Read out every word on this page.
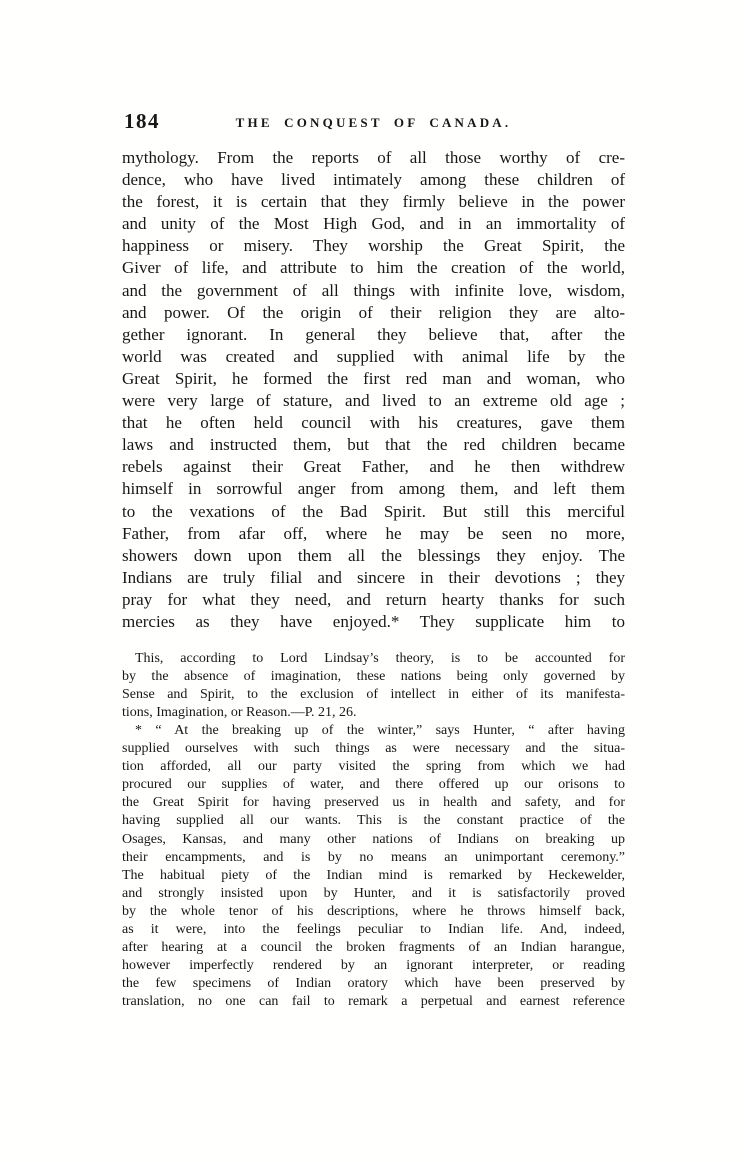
184	THE CONQUEST OF CANADA.
mythology. From the reports of all those worthy of cre-
dence, who have lived intimately among these children of
the forest, it is certain that they firmly believe in the power
and unity of the Most High God, and in an immortality of
happiness or misery. They worship the Great Spirit, the
Giver of life, and attribute to him the creation of the world,
and the government of all things with infinite love, wisdom,
and power. Of the origin of their religion they are alto-
gether ignorant. In general they believe that, after the
world was created and supplied with animal life by the
Great Spirit, he formed the first red man and woman, who
were very large of stature, and lived to an extreme old age ;
that he often held council with his creatures, gave them
laws and instructed them, but that the red children became
rebels against their Great Father, and he then withdrew
himself in sorrowful anger from among them, and left them
to the vexations of the Bad Spirit. But still this merciful
Father, from afar off, where he may be seen no more,
showers down upon them all the blessings they enjoy. The
Indians are truly filial and sincere in their devotions ; they
pray for what they need, and return hearty thanks for such
mercies as they have enjoyed.* They supplicate him to
This, according to Lord Lindsay’s theory, is to be accounted for
by the absence of imagination, these nations being only governed by
Sense and Spirit, to the exclusion of intellect in either of its manifesta-
tions, Imagination, or Reason.—P. 21, 26.
* “ At the breaking up of the winter,” says Hunter, “ after having
supplied ourselves with such things as were necessary and the situa-
tion afforded, all our party visited the spring from which we had
procured our supplies of water, and there offered up our orisons to
the Great Spirit for having preserved us in health and safety, and for
having supplied all our wants. This is the constant practice of the
Osages, Kansas, and many other nations of Indians on breaking up
their encampments, and is by no means an unimportant ceremony.”
The habitual piety of the Indian mind is remarked by Heckewelder,
and strongly insisted upon by Hunter, and it is satisfactorily proved
by the whole tenor of his descriptions, where he throws himself back,
as it were, into the feelings peculiar to Indian life. And, indeed,
after hearing at a council the broken fragments of an Indian harangue,
however imperfectly rendered by an ignorant interpreter, or reading
the few specimens of Indian oratory which have been preserved by
translation, no one can fail to remark a perpetual and earnest reference
